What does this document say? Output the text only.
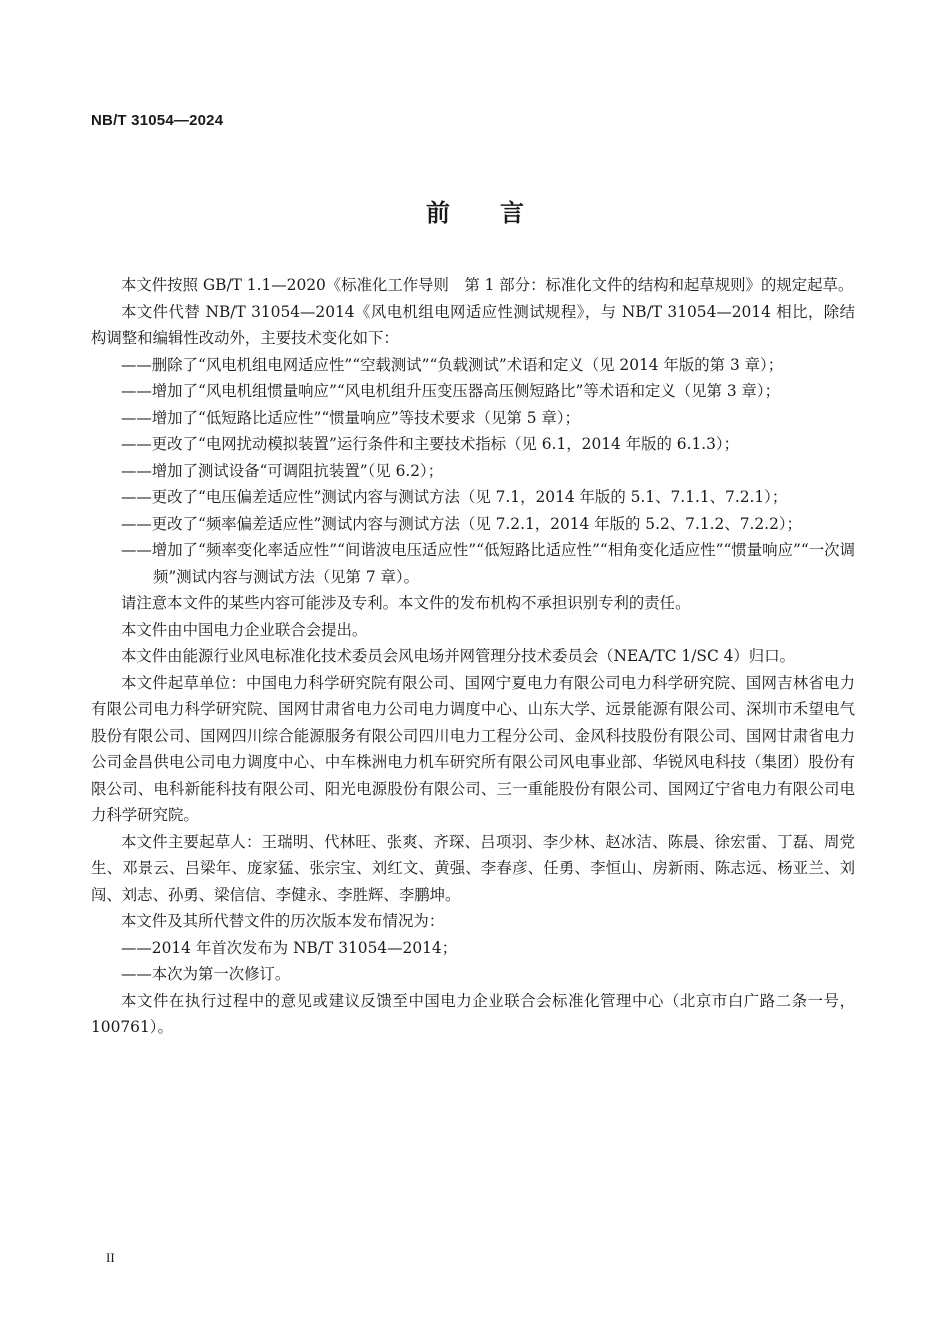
NB/T 31054—2024
前言

本文件按照 GB/T 1.1—2020《标准化工作导则　第 1 部分：标准化文件的结构和起草规则》的规定起草。

本文件代替 NB/T 31054—2014《风电机组电网适应性测试规程》，与 NB/T 31054—2014 相比，除结构调整和编辑性改动外，主要技术变化如下：

——删除了“风电机组电网适应性”“空载测试”“负载测试”术语和定义（见 2014 年版的第 3 章）；

——增加了“风电机组惯量响应”“风电机组升压变压器高压侧短路比”等术语和定义（见第 3 章）；

——增加了“低短路比适应性”“惯量响应”等技术要求（见第 5 章）；

——更改了“电网扰动模拟装置”运行条件和主要技术指标（见 6.1，2014 年版的 6.1.3）；

——增加了测试设备“可调阻抗装置”（见 6.2）；

——更改了“电压偏差适应性”测试内容与测试方法（见 7.1，2014 年版的 5.1、7.1.1、7.2.1）；

——更改了“频率偏差适应性”测试内容与测试方法（见 7.2.1，2014 年版的 5.2、7.1.2、7.2.2）；

——增加了“频率变化率适应性”“间谐波电压适应性”“低短路比适应性”“相角变化适应性”“惯量响应”“一次调频”测试内容与测试方法（见第 7 章）。

请注意本文件的某些内容可能涉及专利。本文件的发布机构不承担识别专利的责任。

本文件由中国电力企业联合会提出。

本文件由能源行业风电标准化技术委员会风电场并网管理分技术委员会（NEA/TC 1/SC 4）归口。

本文件起草单位：中国电力科学研究院有限公司、国网宁夏电力有限公司电力科学研究院、国网吉林省电力有限公司电力科学研究院、国网甘肃省电力公司电力调度中心、山东大学、远景能源有限公司、深圳市禾望电气股份有限公司、国网四川综合能源服务有限公司四川电力工程分公司、金风科技股份有限公司、国网甘肃省电力公司金昌供电公司电力调度中心、中车株洲电力机车研究所有限公司风电事业部、华锐风电科技（集团）股份有限公司、电科新能科技有限公司、阳光电源股份有限公司、三一重能股份有限公司、国网辽宁省电力有限公司电力科学研究院。

本文件主要起草人：王瑞明、代林旺、张爽、齐琛、吕项羽、李少林、赵冰洁、陈晨、徐宏雷、丁磊、周党生、邓景云、吕梁年、庞家猛、张宗宝、刘红文、黄强、李春彦、任勇、李恒山、房新雨、陈志远、杨亚兰、刘闯、刘志、孙勇、梁信信、李健永、李胜辉、李鹏坤。

本文件及其所代替文件的历次版本发布情况为：

——2014 年首次发布为 NB/T 31054—2014；

——本次为第一次修订。

本文件在执行过程中的意见或建议反馈至中国电力企业联合会标准化管理中心（北京市白广路二条一号，100761）。

II
